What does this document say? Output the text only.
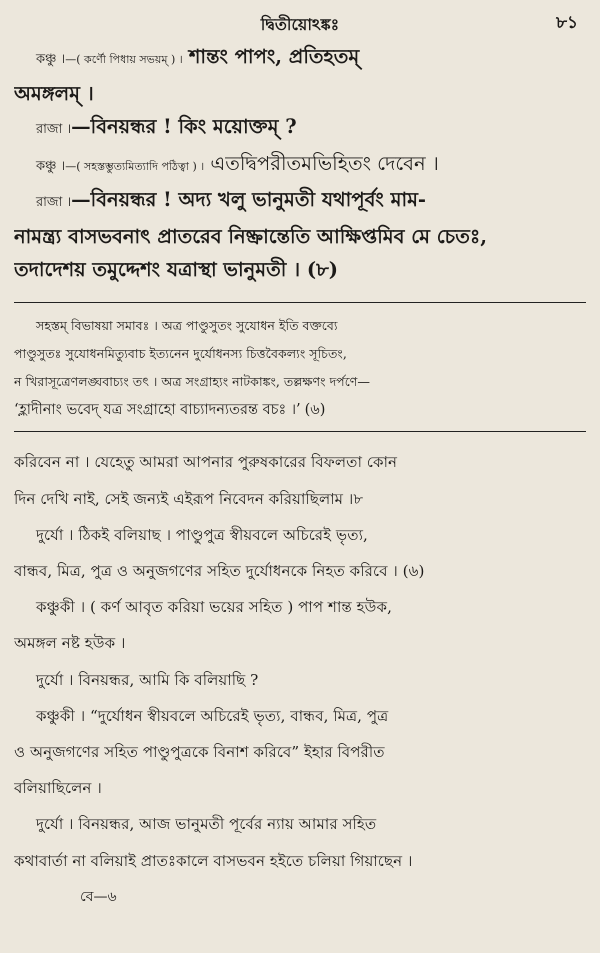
দ্বিতীয়োঽঙ্কঃ	৮১
কঞ্চু ।—( কর্ণৌ পিধায় সভয়ম্ ) । শান্তং পাপং, প্রতিহতম্
অমঙ্গলম্ ।
রাজা ।—বিনয়ন্ধর ! কিং ময়োক্তম্ ?
কঞ্চু ।—( সহস্তম্ভুত্যমিত্যাদি পঠিত্বা ) । এতদ্বিপরীতমভিহিতং দেবেন ।
রাজা ।—বিনয়ন্ধর ! অদ্য খলু ভানুমতী যথাপূর্বং মাম-
নামন্ত্র্য বাসভবনাৎ প্রাতরেব নিষ্ক্রান্তেতি আক্ষিপ্তমিব মে চেতঃ,
তদাদেশয় তমুদ্দেশং যত্রাস্থা ভানুমতী । (৮)
সহস্তম্ বিভাষয়া সমাবঃ । অত্র পাণ্ডুসুতং সুযোধন ইতি বক্তব্যে
পাণ্ডুসুতঃ সুযোধনমিত্যুবাচ ইত্যনেন দুর্যোধনস্য চিত্তবৈকল্যং সূচিতং,
ন খিরাসূত্রেণলঙ্ঘবাচ্যং তৎ । অত্র সংগ্রাহ্যং নাটকাঙ্কং, তল্লক্ষণং দর্পণে—
‘হ্লাদীনাং ভবেদ্ যত্র সংগ্রাহো বাচ্যাদন্যতরন্ত বচঃ ।’ (৬)
করিবেন না । যেহেতু আমরা আপনার পুরুষকারের বিফলতা কোন
দিন দেখি নাই, সেই জন্যই এইরূপ নিবেদন করিয়াছিলাম ।৮
দুর্যো । ঠিকই বলিয়াছ । পাণ্ডুপুত্র স্বীয়বলে অচিরেই ভৃত্য,
বান্ধব, মিত্র, পুত্র ও অনুজগণের সহিত দুর্যোধনকে নিহত করিবে । (৬)
কঞ্চুকী । ( কর্ণ আবৃত করিয়া ভয়ের সহিত ) পাপ শান্ত হউক,
অমঙ্গল নষ্ট হউক ।
দুর্যো । বিনয়ন্ধর, আমি কি বলিয়াছি ?
কঞ্চুকী । “দুর্যোধন স্বীয়বলে অচিরেই ভৃত্য, বান্ধব, মিত্র, পুত্র
ও অনুজগণের সহিত পাণ্ডুপুত্রকে বিনাশ করিবে” ইহার বিপরীত
বলিয়াছিলেন ।
দুর্যো । বিনয়ন্ধর, আজ ভানুমতী পূর্বের ন্যায় আমার সহিত
কথাবার্তা না বলিয়াই প্রাতঃকালে বাসভবন হইতে চলিয়া গিয়াছেন ।
বে—৬
